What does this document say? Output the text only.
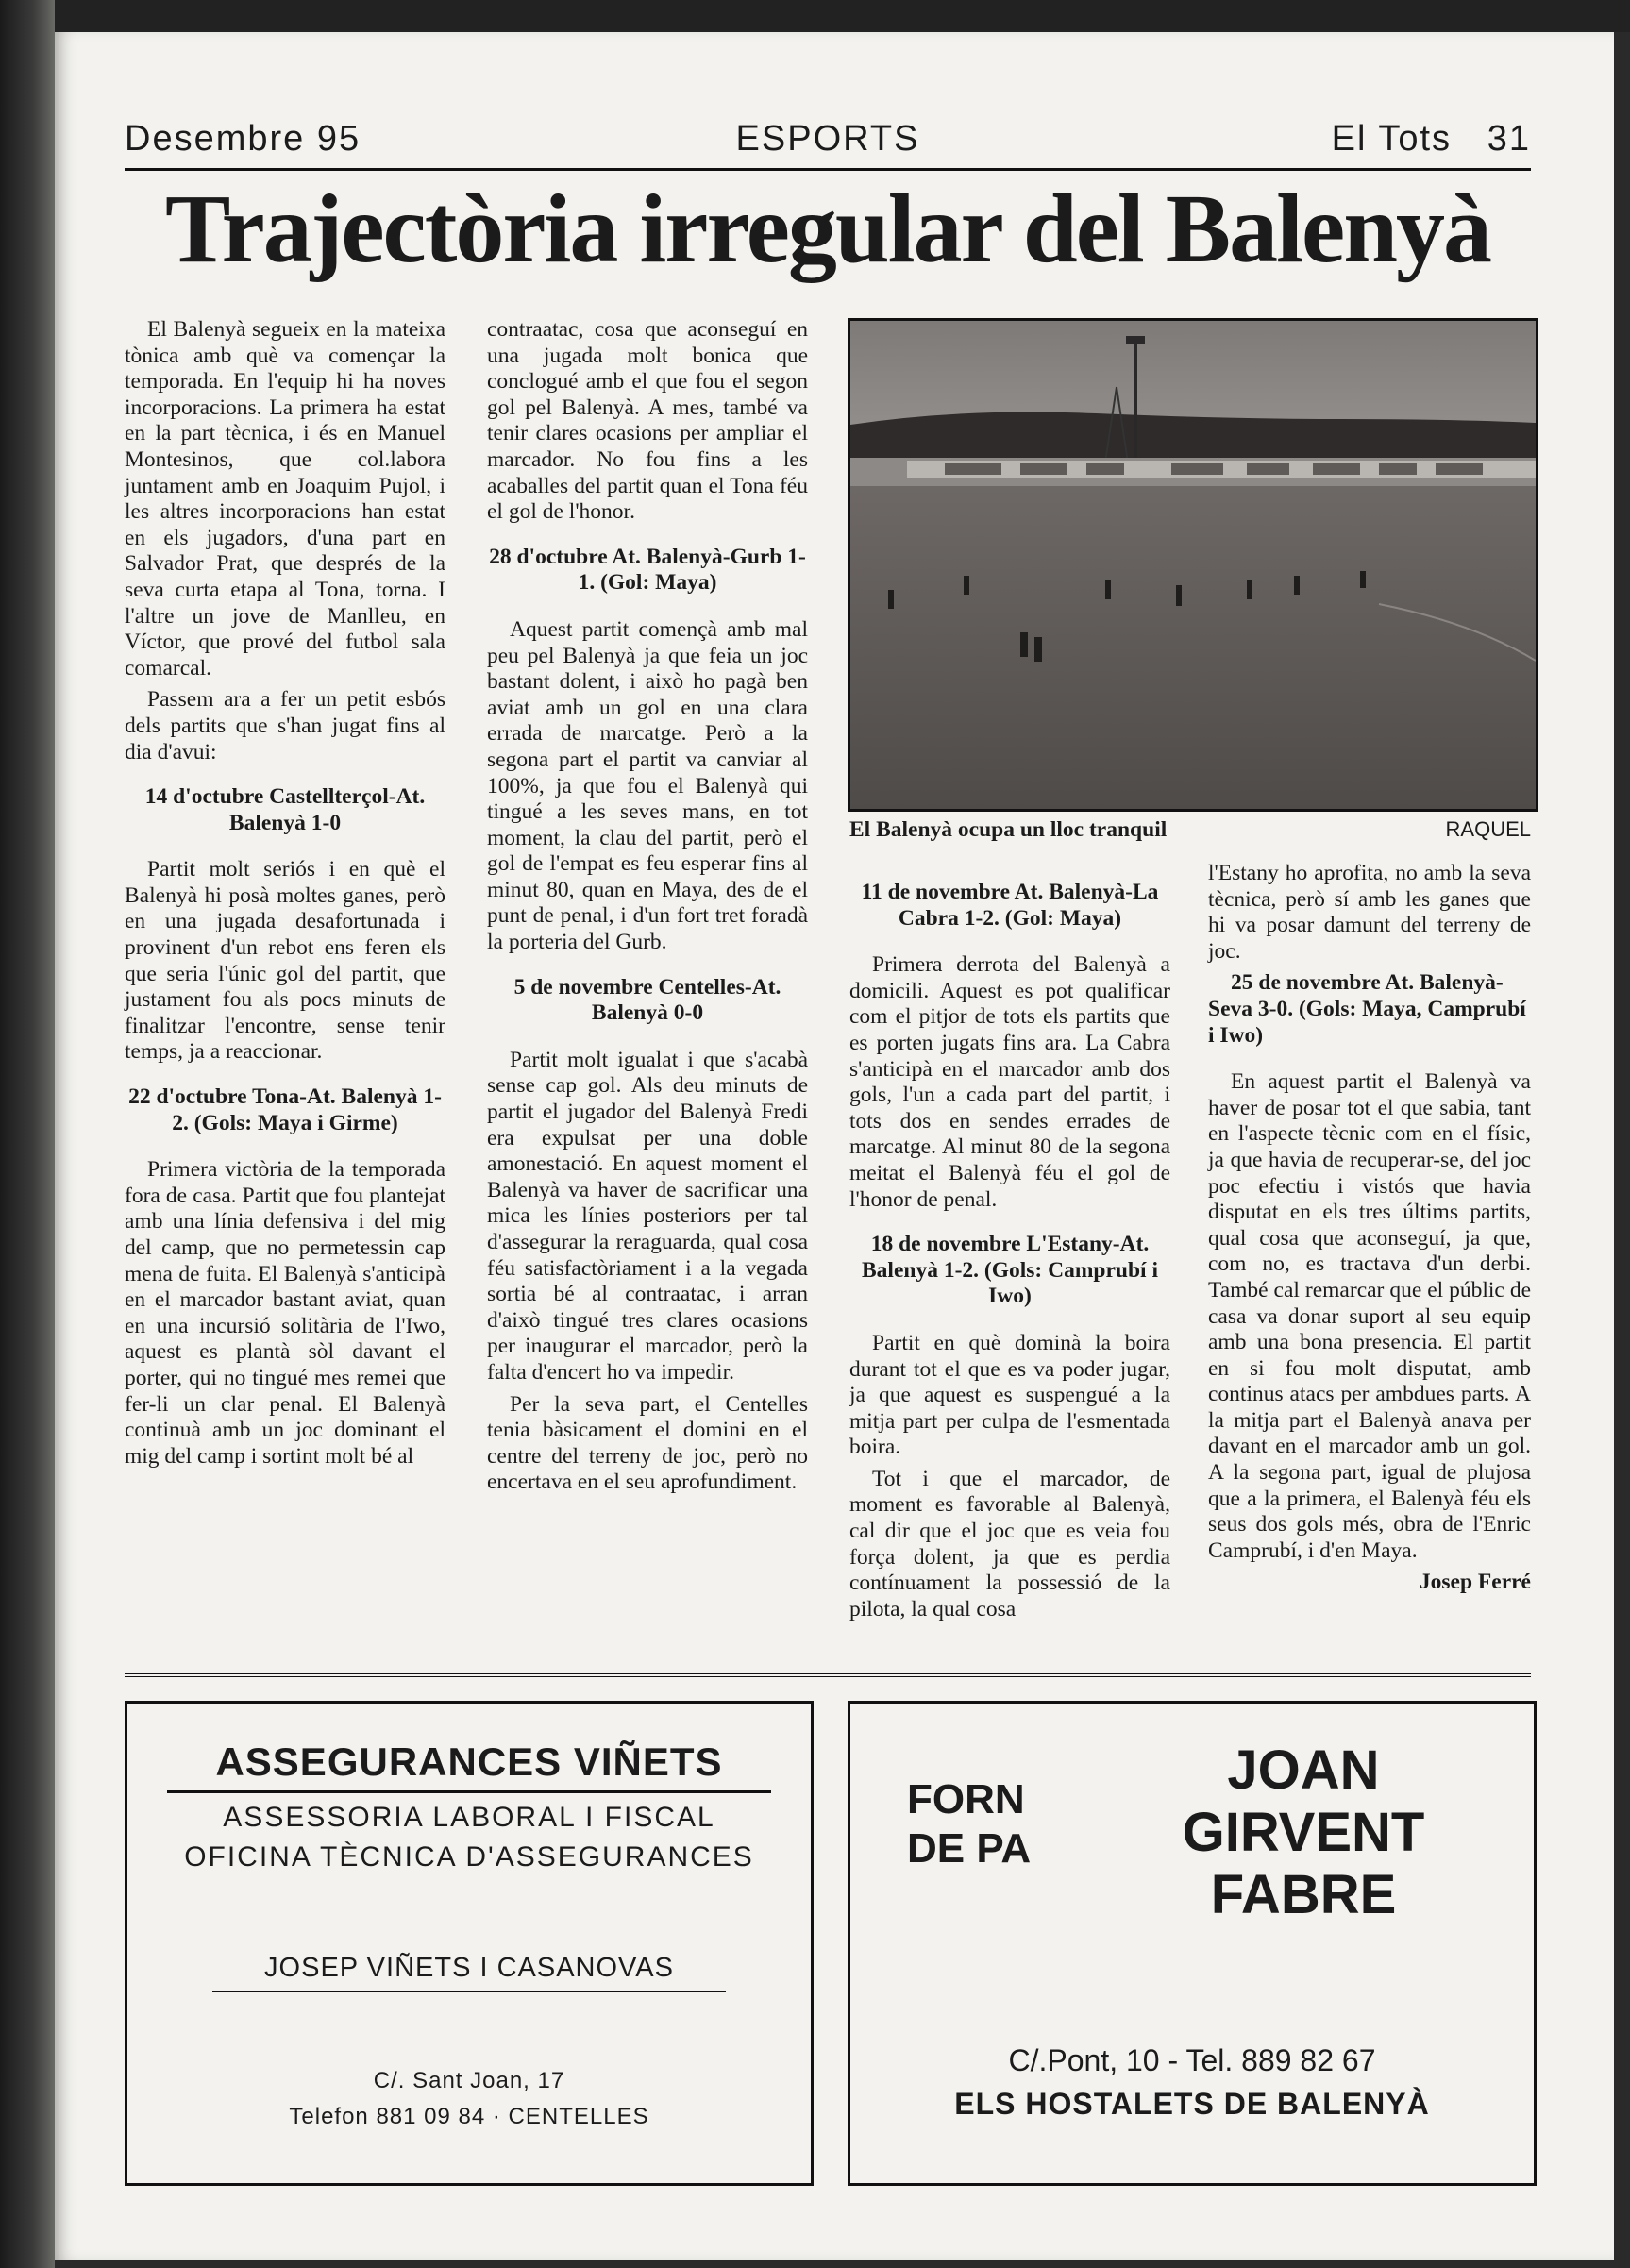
ESPORTS
Desembre 95	El Tots 31
Trajectòria irregular del Balenyà

El Balenyà segueix en la mateixa tònica amb què va començar la temporada. En l'equip hi ha noves incorporacions. La primera ha estat en la part tècnica, i és en Manuel Montesinos, que col.labora juntament amb en Joaquim Pujol, i les altres incorporacions han estat en els jugadors, d'una part en Salvador Prat, que després de la seva curta etapa al Tona, torna. I l'altre un jove de Manlleu, en Víctor, que prové del futbol sala comarcal.

Passem ara a fer un petit esbós dels partits que s'han jugat fins al dia d'avui:

14 d'octubre Castellterçol-At. Balenyà 1-0

Partit molt seriós i en què el Balenyà hi posà moltes ganes, però en una jugada desafortunada i provinent d'un rebot ens feren els que seria l'únic gol del partit, que justament fou als pocs minuts de finalitzar l'encontre, sense tenir temps, ja a reaccionar.

22 d'octubre Tona-At. Balenyà 1-2. (Gols: Maya i Girme)

Primera victòria de la temporada fora de casa. Partit que fou plantejat amb una línia defensiva i del mig del camp, que no permetessin cap mena de fuita. El Balenyà s'anticipà en el marcador bastant aviat, quan en una incursió solitària de l'Iwo, aquest es plantà sòl davant el porter, qui no tingué mes remei que fer-li un clar penal. El Balenyà continuà amb un joc dominant el mig del camp i sortint molt bé al

contraatac, cosa que aconseguí en una jugada molt bonica que conclogué amb el que fou el segon gol pel Balenyà. A mes, també va tenir clares ocasions per ampliar el marcador. No fou fins a les acaballes del partit quan el Tona féu el gol de l'honor.

28 d'octubre At. Balenyà-Gurb 1-1. (Gol: Maya)

Aquest partit començà amb mal peu pel Balenyà ja que feia un joc bastant dolent, i això ho pagà ben aviat amb un gol en una clara errada de marcatge. Però a la segona part el partit va canviar al 100%, ja que fou el Balenyà qui tingué a les seves mans, en tot moment, la clau del partit, però el gol de l'empat es feu esperar fins al minut 80, quan en Maya, des de el punt de penal, i d'un fort tret foradà la porteria del Gurb.

5 de novembre Centelles-At. Balenyà 0-0

Partit molt igualat i que s'acabà sense cap gol. Als deu minuts de partit el jugador del Balenyà Fredi era expulsat per una doble amonestació. En aquest moment el Balenyà va haver de sacrificar una mica les línies posteriors per tal d'assegurar la reraguarda, qual cosa féu satisfactòriament i a la vegada sortia bé al contraatac, i arran d'això tingué tres clares ocasions per inaugurar el marcador, però la falta d'encert ho va impedir.

Per la seva part, el Centelles tenia bàsicament el domini en el centre del terreny de joc, però no encertava en el seu aprofundiment.

El Balenyà ocupa un lloc tranquil	RAQUEL
11 de novembre At. Balenyà-La Cabra 1-2. (Gol: Maya)

Primera derrota del Balenyà a domicili. Aquest es pot qualificar com el pitjor de tots els partits que es porten jugats fins ara. La Cabra s'anticipà en el marcador amb dos gols, l'un a cada part del partit, i tots dos en sendes errades de marcatge. Al minut 80 de la segona meitat el Balenyà féu el gol de l'honor de penal.

18 de novembre L'Estany-At. Balenyà 1-2. (Gols: Camprubí i Iwo)

Partit en què dominà la boira durant tot el que es va poder jugar, ja que aquest es suspengué a la mitja part per culpa de l'esmentada boira.

Tot i que el marcador, de moment es favorable al Balenyà, cal dir que el joc que es veia fou força dolent, ja que es perdia contínuament la possessió de la pilota, la qual cosa

l'Estany ho aprofita, no amb la seva tècnica, però sí amb les ganes que hi va posar damunt del terreny de joc.

25 de novembre At. Balenyà-Seva 3-0. (Gols: Maya, Camprubí i Iwo)

En aquest partit el Balenyà va haver de posar tot el que sabia, tant en l'aspecte tècnic com en el físic, ja que havia de recuperar-se, del joc poc efectiu i vistós que havia disputat en els tres últims partits, qual cosa que aconseguí, ja que, com no, es tractava d'un derbi. També cal remarcar que el públic de casa va donar suport al seu equip amb una bona presencia. El partit en si fou molt disputat, amb continus atacs per ambdues parts. A la mitja part el Balenyà anava per davant en el marcador amb un gol. A la segona part, igual de plujosa que a la primera, el Balenyà féu els seus dos gols més, obra de l'Enric Camprubí, i d'en Maya.

Josep Ferré

ASSEGURANCES VIÑETS
ASSESSORIA LABORAL I FISCAL
OFICINA TÈCNICA D'ASSEGURANCES
JOSEP VIÑETS I CASANOVAS
C/. Sant Joan, 17
Telefon 881 09 84 · CENTELLES
FORN
DE PA
JOAN
GIRVENT
FABRE
C/.Pont, 10 - Tel. 889 82 67
ELS HOSTALETS DE BALENYÀ
